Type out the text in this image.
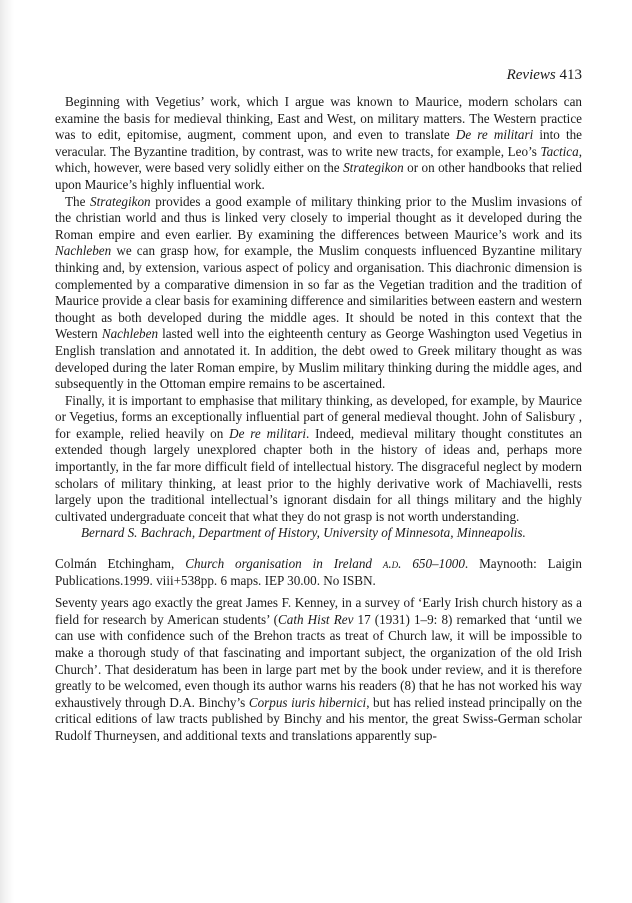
Reviews 413

Beginning with Vegetius’ work, which I argue was known to Maurice, modern scholars can examine the basis for medieval thinking, East and West, on military matters. The Western practice was to edit, epitomise, augment, comment upon, and even to translate De re militari into the veracular. The Byzantine tradition, by contrast, was to write new tracts, for example, Leo’s Tactica, which, however, were based very solidly either on the Strategikon or on other handbooks that relied upon Maurice’s highly influential work.

The Strategikon provides a good example of military thinking prior to the Muslim invasions of the christian world and thus is linked very closely to imperial thought as it developed during the Roman empire and even earlier. By examining the differences between Maurice’s work and its Nachleben we can grasp how, for example, the Muslim conquests influenced Byzantine military thinking and, by extension, various aspect of policy and organisation. This diachronic dimension is complemented by a comparative dimension in so far as the Vegetian tradition and the tradition of Maurice provide a clear basis for examining difference and similarities between eastern and western thought as both developed during the middle ages. It should be noted in this context that the Western Nachleben lasted well into the eighteenth century as George Washington used Vegetius in English translation and annotated it. In addition, the debt owed to Greek military thought as was developed during the later Roman empire, by Muslim military thinking during the middle ages, and subsequently in the Ottoman empire remains to be ascertained.

Finally, it is important to emphasise that military thinking, as developed, for example, by Maurice or Vegetius, forms an exceptionally influential part of general medieval thought. John of Salisbury , for example, relied heavily on De re militari. Indeed, medieval military thought constitutes an extended though largely unexplored chapter both in the history of ideas and, perhaps more importantly, in the far more difficult field of intellectual history. The disgraceful neglect by modern scholars of military thinking, at least prior to the highly derivative work of Machiavelli, rests largely upon the traditional intellectual’s ignorant disdain for all things military and the highly cultivated undergraduate conceit that what they do not grasp is not worth understanding.

Bernard S. Bachrach, Department of History, University of Minnesota, Minneapolis.

Colmán Etchingham, Church organisation in Ireland a.d. 650–1000. Maynooth: Laigin Publications.1999. viii+538pp. 6 maps. IEP 30.00. No ISBN.

Seventy years ago exactly the great James F. Kenney, in a survey of ‘Early Irish church history as a field for research by American students’ (Cath Hist Rev 17 (1931) 1–9: 8) remarked that ‘until we can use with confidence such of the Brehon tracts as treat of Church law, it will be impossible to make a thorough study of that fascinating and important subject, the organization of the old Irish Church’. That desideratum has been in large part met by the book under review, and it is therefore greatly to be welcomed, even though its author warns his readers (8) that he has not worked his way exhaustively through D.A. Binchy’s Corpus iuris hibernici, but has relied instead principally on the critical editions of law tracts published by Binchy and his mentor, the great Swiss-German scholar Rudolf Thurneysen, and additional texts and translations apparently sup-
